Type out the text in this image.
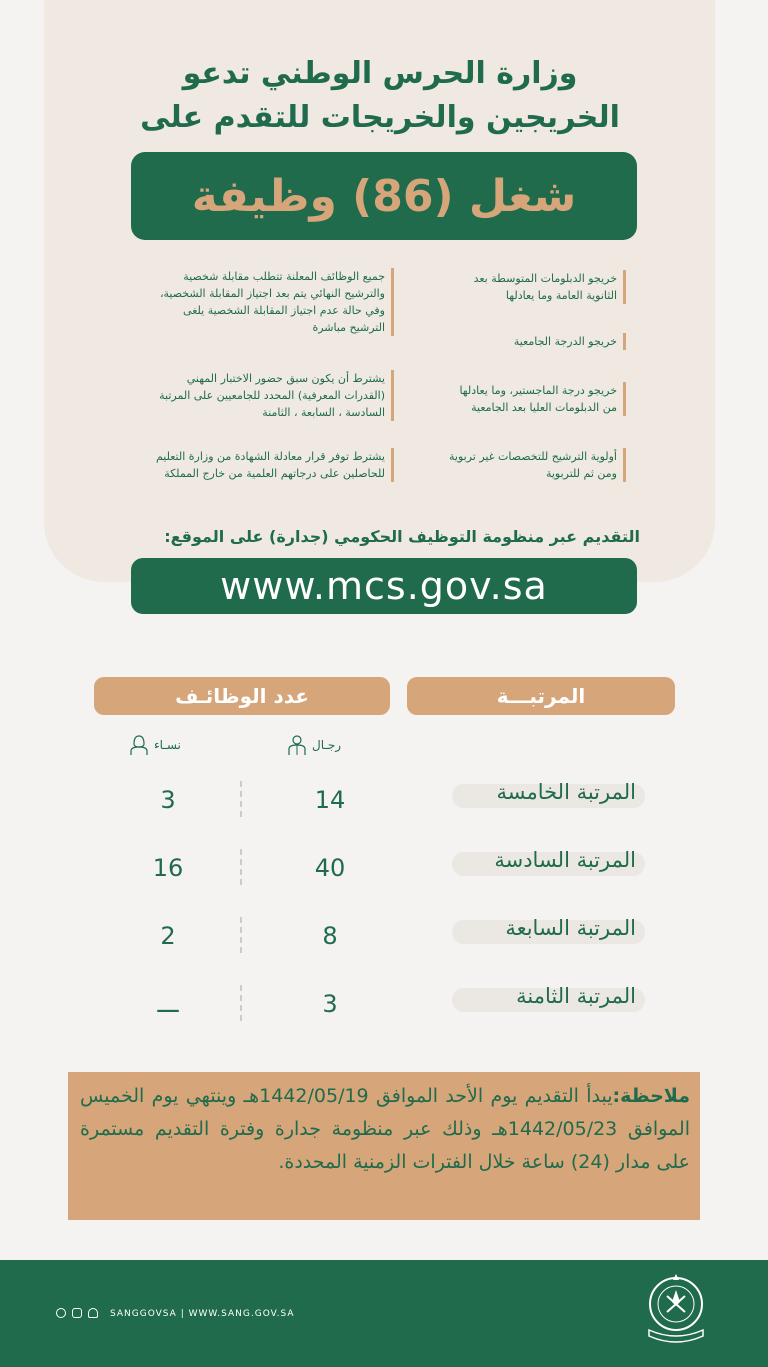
وزارة الحرس الوطني تدعو
الخريجين والخريجات للتقدم على
شغل (86) وظيفة
خريجو الدبلومات المتوسطة بعد الثانوية العامة وما يعادلها
خريجو الدرجة الجامعية
خريجو درجة الماجستير، وما يعادلها من الدبلومات العليا بعد الجامعية
أولوية الترشيح للتخصصات غير تربوية ومن ثم للتربوية
جميع الوظائف المعلنة تتطلب مقابلة شخصية والترشيح النهائي يتم بعد اجتياز المقابلة الشخصية، وفي حالة عدم اجتياز المقابلة الشخصية يلغى الترشيح مباشرة
يشترط أن يكون سبق حضور الاختبار المهني (القدرات المعرفية) المحدد للجامعيين على المرتبة السادسة ، السابعة ، الثامنة
يشترط توفر قرار معادلة الشهادة من وزارة التعليم للحاصلين على درجاتهم العلمية من خارج المملكة
التقديم عبر منظومة التوظيف الحكومي (جدارة) على الموقع:
www.mcs.gov.sa
المرتبـــة
عدد الوظائـف
رجـال
نسـاء
المرتبة الخامسة
14
3
المرتبة السادسة
40
16
المرتبة السابعة
8
2
المرتبة الثامنة
3
ـــ
ملاحظة:يبدأ التقديم يوم الأحد الموافق 1442/05/19هـ وينتهي يوم الخميس الموافق 1442/05/23هـ وذلك عبر منظومة جدارة وفترة التقديم مستمرة على مدار (24) ساعة خلال الفترات الزمنية المحددة.
SANGGOVSA | WWW.SANG.GOV.SA
